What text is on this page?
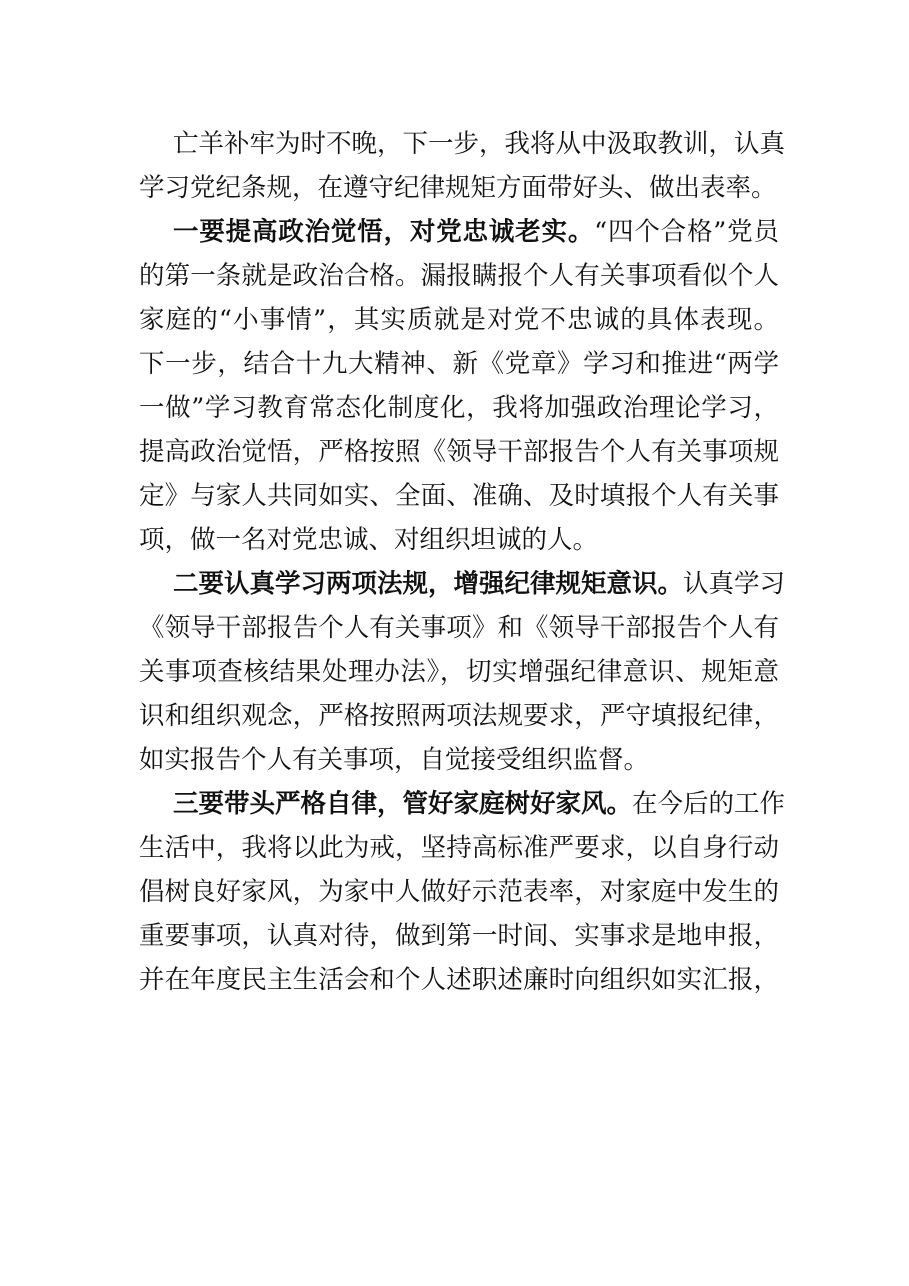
亡羊补牢为时不晚，下一步，我将从中汲取教训，认真
学习党纪条规，在遵守纪律规矩方面带好头、做出表率。
一要提高政治觉悟，对党忠诚老实。“四个合格”党员
的第一条就是政治合格。漏报瞒报个人有关事项看似个人
家庭的“小事情”，其实质就是对党不忠诚的具体表现。
下一步，结合十九大精神、新《党章》学习和推进“两学
一做”学习教育常态化制度化，我将加强政治理论学习，
提高政治觉悟，严格按照《领导干部报告个人有关事项规
定》与家人共同如实、全面、准确、及时填报个人有关事
项，做一名对党忠诚、对组织坦诚的人。
二要认真学习两项法规，增强纪律规矩意识。认真学习
《领导干部报告个人有关事项》和《领导干部报告个人有
关事项查核结果处理办法》，切实增强纪律意识、规矩意
识和组织观念，严格按照两项法规要求，严守填报纪律，
如实报告个人有关事项，自觉接受组织监督。
三要带头严格自律，管好家庭树好家风。在今后的工作
生活中，我将以此为戒，坚持高标准严要求，以自身行动
倡树良好家风，为家中人做好示范表率，对家庭中发生的
重要事项，认真对待，做到第一时间、实事求是地申报，
并在年度民主生活会和个人述职述廉时向组织如实汇报，
